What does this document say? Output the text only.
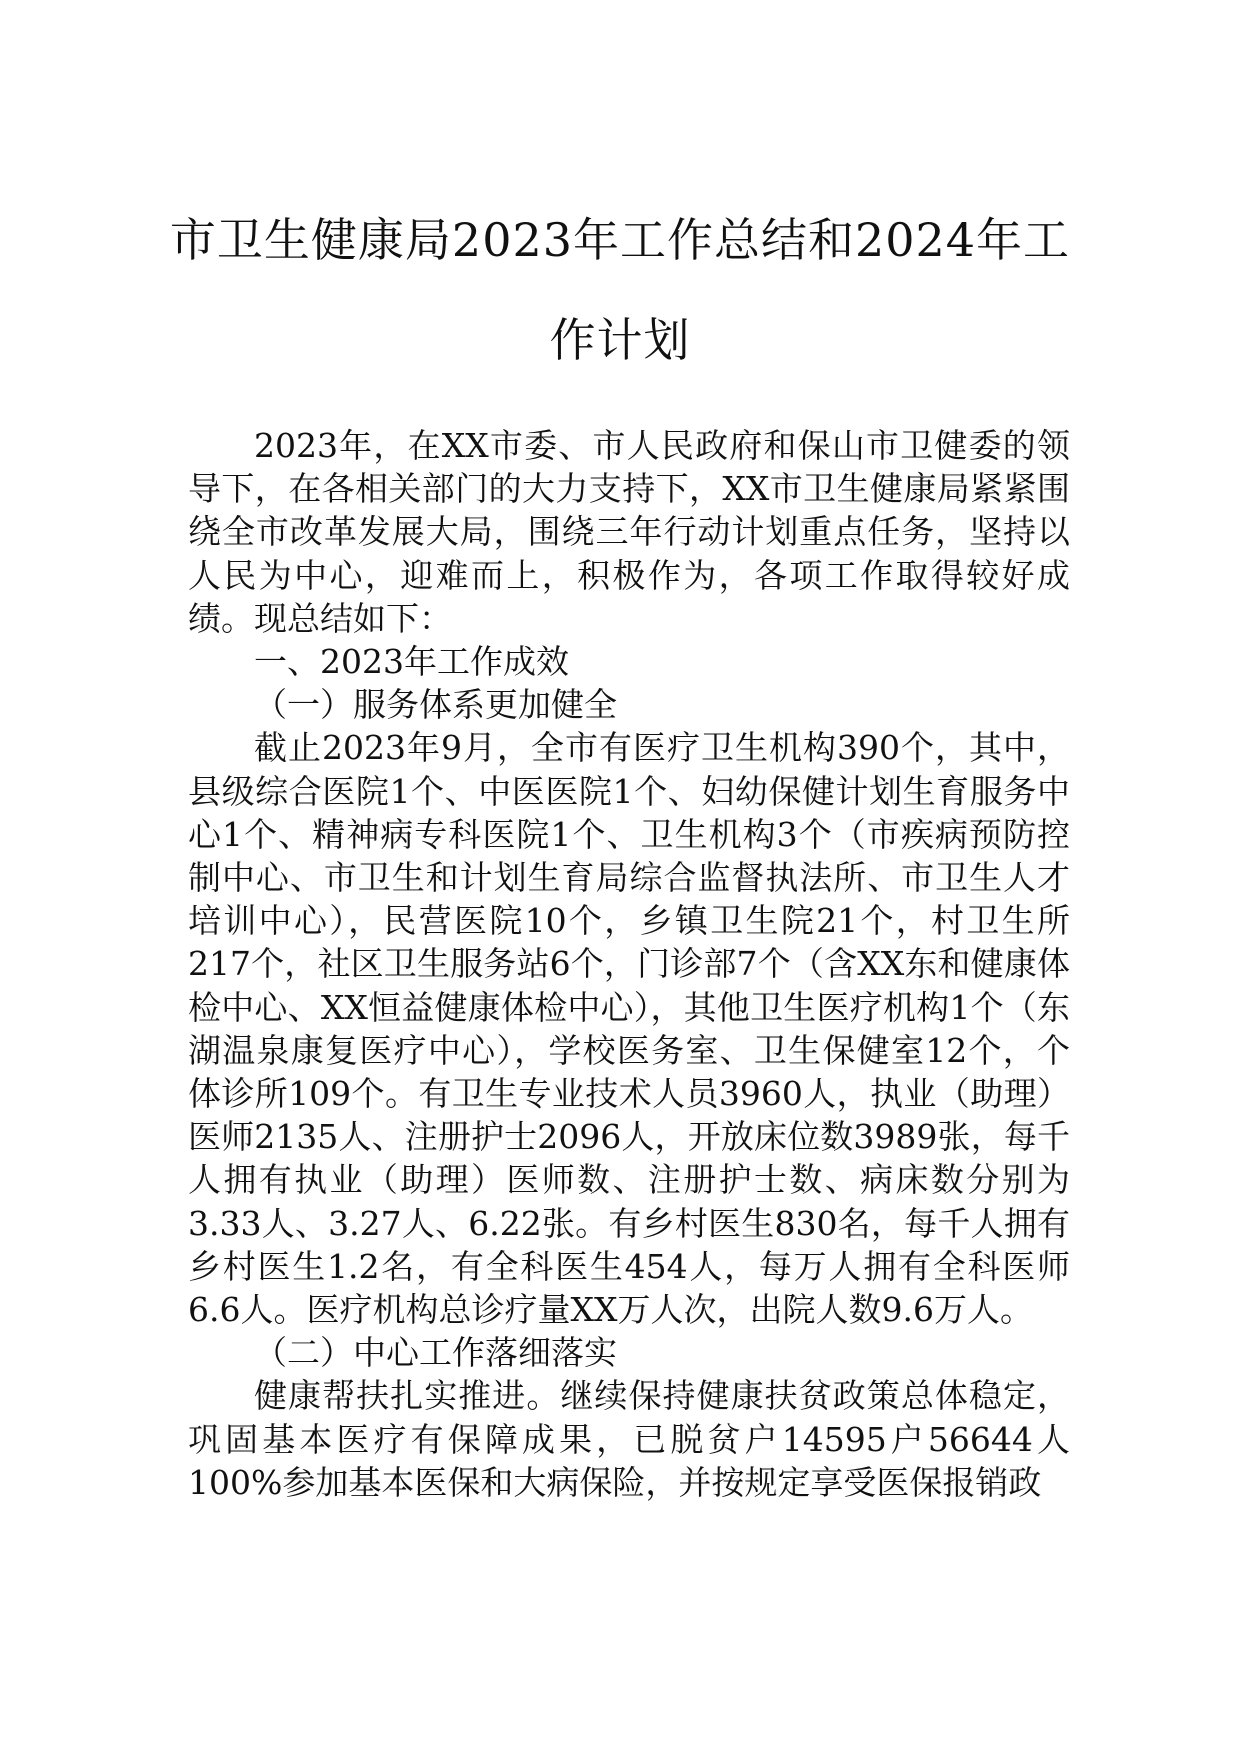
市卫生健康局2023年工作总结和2024年工
作计划

2023年，在XX市委、市人民政府和保山市卫健委的领导下，在各相关部门的大力支持下，XX市卫生健康局紧紧围绕全市改革发展大局，围绕三年行动计划重点任务，坚持以人民为中心，迎难而上，积极作为，各项工作取得较好成绩。现总结如下：

一、2023年工作成效

（一）服务体系更加健全

截止2023年9月，全市有医疗卫生机构390个，其中，县级综合医院1个、中医医院1个、妇幼保健计划生育服务中心1个、精神病专科医院1个、卫生机构3个（市疾病预防控制中心、市卫生和计划生育局综合监督执法所、市卫生人才培训中心），民营医院10个，乡镇卫生院21个，村卫生所217个，社区卫生服务站6个，门诊部7个（含XX东和健康体检中心、XX恒益健康体检中心），其他卫生医疗机构1个（东湖温泉康复医疗中心），学校医务室、卫生保健室12个，个体诊所109个。有卫生专业技术人员3960人，执业（助理）医师2135人、注册护士2096人，开放床位数3989张，每千人拥有执业（助理）医师数、注册护士数、病床数分别为3.33人、3.27人、6.22张。有乡村医生830名，每千人拥有乡村医生1.2名，有全科医生454人，每万人拥有全科医师6.6人。医疗机构总诊疗量XX万人次，出院人数9.6万人。

（二）中心工作落细落实

健康帮扶扎实推进。继续保持健康扶贫政策总体稳定，巩固基本医疗有保障成果，已脱贫户14595户56644人100%参加基本医保和大病保险，并按规定享受医保报销政
